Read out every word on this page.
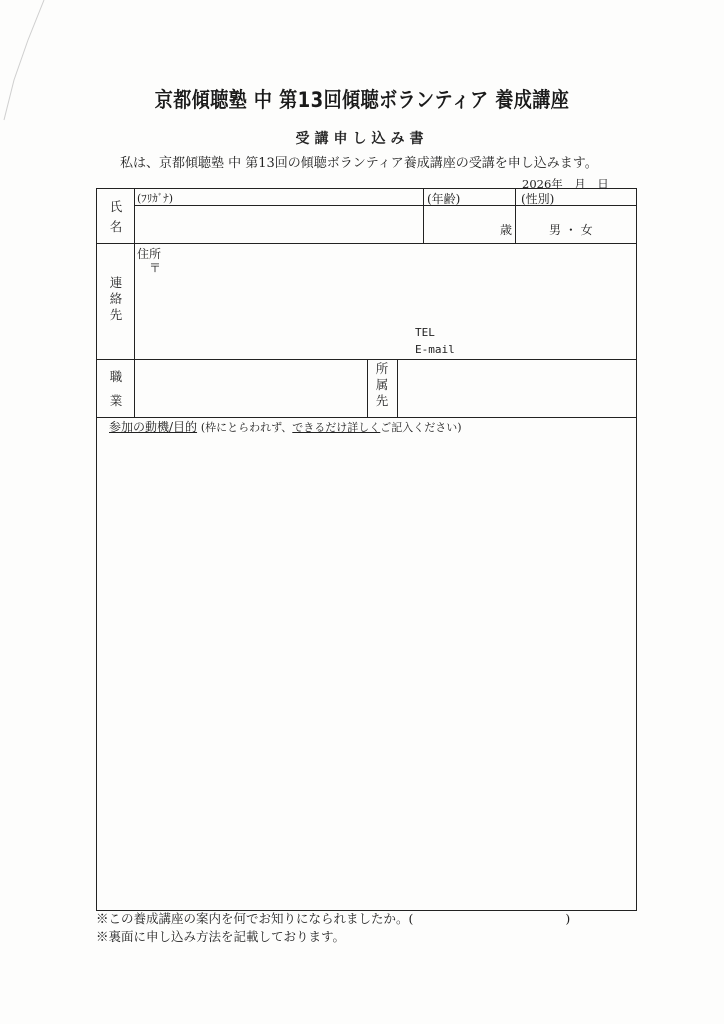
京都傾聴塾 中 第13回傾聴ボランティア 養成講座
受講申し込み書
私は、京都傾聴塾 中 第13回の傾聴ボランティア養成講座の受講を申し込みます。
2026年　月　日
氏
名
(ﾌﾘｶﾞﾅ)	(年齢)
歳
(性別)
男 ・ 女
連
絡
先
住所
〒
TEL
E-mail
職
業
所
属
先
参加の動機/目的 (枠にとらわれず、できるだけ詳しくご記入ください)
※この養成講座の案内を何でお知りになられましたか。(	)
※裏面に申し込み方法を記載しております。
